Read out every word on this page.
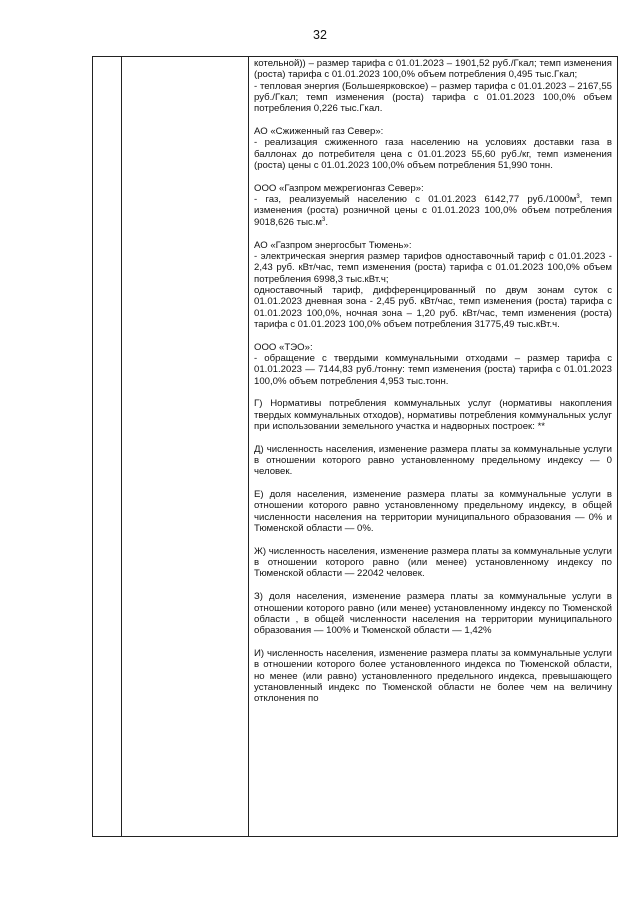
32

котельной)) – размер тарифа с 01.01.2023 – 1901,52 руб./Гкал; темп изменения (роста) тарифа с 01.01.2023 100,0% объем потребления 0,495 тыс.Гкал;

- тепловая энергия (Большеярковское) – размер тарифа с 01.01.2023 – 2167,55 руб./Гкал; темп изменения (роста) тарифа с 01.01.2023 100,0% объем потребления 0,226 тыс.Гкал.

АО «Сжиженный газ Север»:

- реализация сжиженного газа населению на условиях доставки газа в баллонах до потребителя цена с 01.01.2023 55,60 руб./кг, темп изменения (роста) цены с 01.01.2023 100,0% объем потребления 51,990 тонн.

ООО «Газпром межрегионгаз Север»:

- газ, реализуемый населению с 01.01.2023 6142,77 $руб./1000м^3$, темп изменения (роста) розничной цены с 01.01.2023 100,0% объем потребления 9018,626 $тыс.м^3$.

АО «Газпром энергосбыт Тюмень»:

- электрическая энергия размер тарифов одноставочный тариф с 01.01.2023 - 2,43 руб. кВт/час, темп изменения (роста) тарифа с 01.01.2023 100,0% объем потребления 6998,3 тыс.кВт.ч;

одноставочный тариф, дифференцированный по двум зонам суток с 01.01.2023 дневная зона - 2,45 руб. кВт/час, темп изменения (роста) тарифа с 01.01.2023 100,0%, ночная зона – 1,20 руб. кВт/час, темп изменения (роста) тарифа с 01.01.2023 100,0% объем потребления 31775,49 тыс.кВт.ч.

ООО «ТЭО»:

- обращение с твердыми коммунальными отходами – размер тарифа с 01.01.2023 — 7144,83 руб./тонну: темп изменения (роста) тарифа с 01.01.2023 100,0% объем потребления 4,953 тыс.тонн.

Г) Нормативы потребления коммунальных услуг (нормативы накопления твердых коммунальных отходов), нормативы потребления коммунальных услуг при использовании земельного участка и надворных построек: **

Д) численность населения, изменение размера платы за коммунальные услуги в отношении которого равно установленному предельному индексу — 0 человек.

Е) доля населения, изменение размера платы за коммунальные услуги в отношении которого равно установленному предельному индексу, в общей численности населения на территории муниципального образования — 0% и Тюменской области — 0%.

Ж) численность населения, изменение размера платы за коммунальные услуги в отношении которого равно (или менее) установленному индексу по Тюменской области — 22042 человек.

З) доля населения, изменение размера платы за коммунальные услуги в отношении которого равно (или менее) установленному индексу по Тюменской области , в общей численности населения на территории муниципального образования — 100% и Тюменской области — 1,42%

И) численность населения, изменение размера платы за коммунальные услуги в отношении которого более установленного индекса по Тюменской области, но менее (или равно) установленного предельного индекса, превышающего установленный индекс по Тюменской области не более чем на величину отклонения по
